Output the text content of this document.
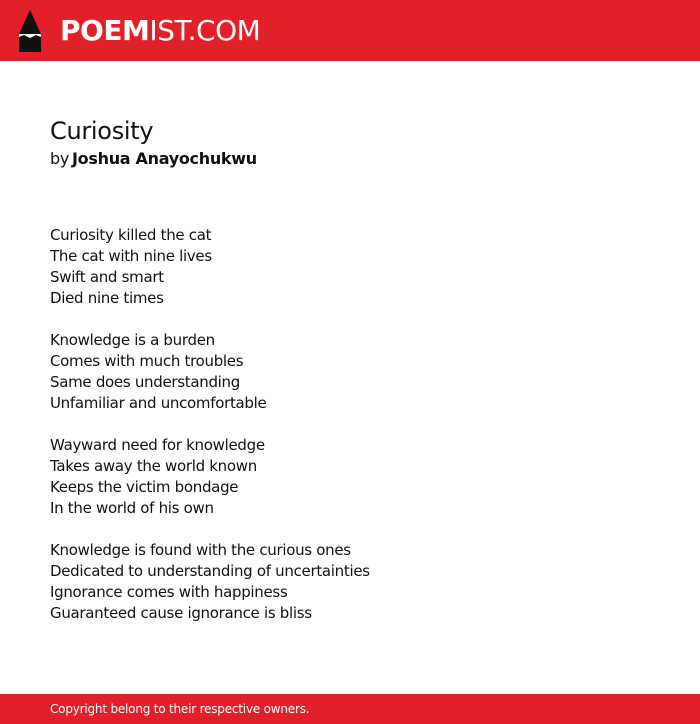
POEMIST.COM
Curiosity
by Joshua Anayochukwu
Curiosity killed the cat
The cat with nine lives
Swift and smart
Died nine times
Knowledge is a burden
Comes with much troubles
Same does understanding
Unfamiliar and uncomfortable
Wayward need for knowledge
Takes away the world known
Keeps the victim bondage
In the world of his own
Knowledge is found with the curious ones
Dedicated to understanding of uncertainties
Ignorance comes with happiness
Guaranteed cause ignorance is bliss
Copyright belong to their respective owners.
